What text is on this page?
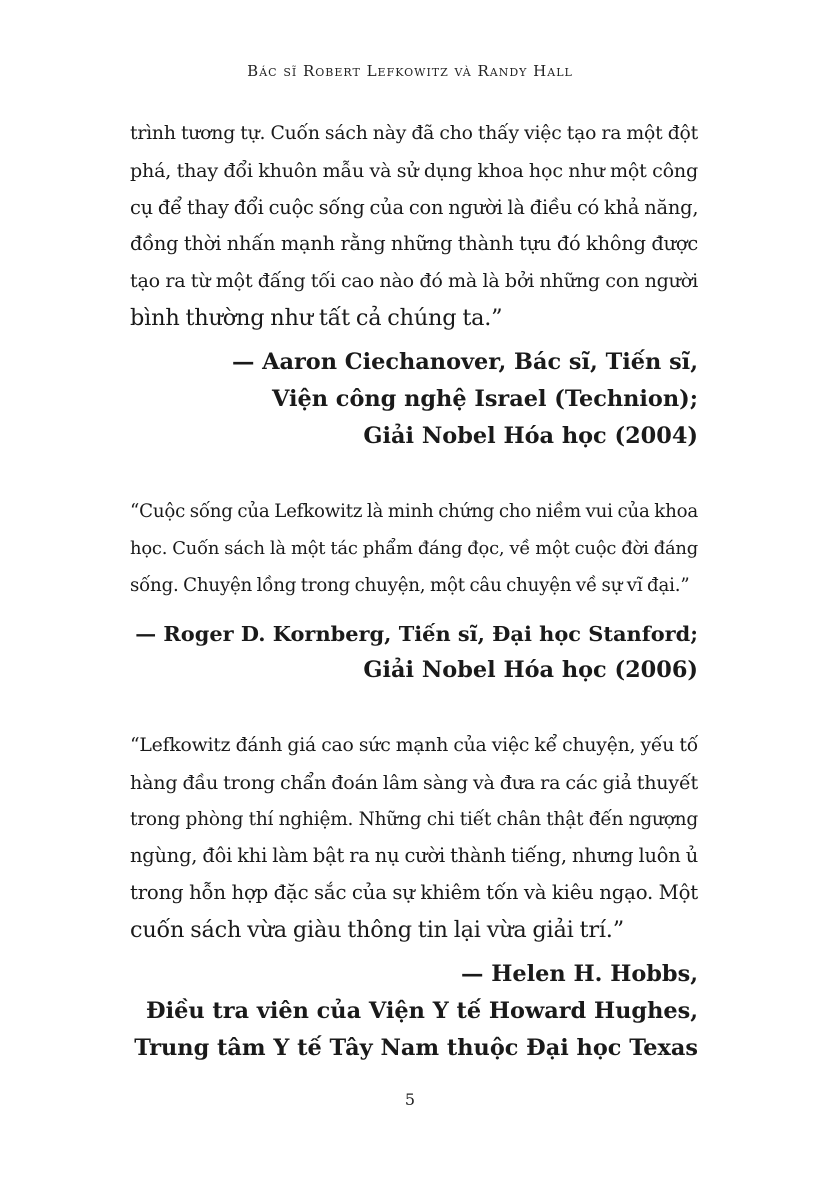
Bác sĩ Robert Lefkowitz và Randy Hall

trình tương tự. Cuốn sách này đã cho thấy việc tạo ra một đột
phá, thay đổi khuôn mẫu và sử dụng khoa học như một công
cụ để thay đổi cuộc sống của con người là điều có khả năng,
đồng thời nhấn mạnh rằng những thành tựu đó không được
tạo ra từ một đấng tối cao nào đó mà là bởi những con người
bình thường như tất cả chúng ta.”

— Aaron Ciechanover, Bác sĩ, Tiến sĩ,
Viện công nghệ Israel (Technion);
Giải Nobel Hóa học (2004)

“Cuộc sống của Lefkowitz là minh chứng cho niềm vui của khoa
học. Cuốn sách là một tác phẩm đáng đọc, về một cuộc đời đáng
sống. Chuyện lồng trong chuyện, một câu chuyện về sự vĩ đại.”

— Roger D. Kornberg, Tiến sĩ, Đại học Stanford;
Giải Nobel Hóa học (2006)

“Lefkowitz đánh giá cao sức mạnh của việc kể chuyện, yếu tố
hàng đầu trong chẩn đoán lâm sàng và đưa ra các giả thuyết
trong phòng thí nghiệm. Những chi tiết chân thật đến ngượng
ngùng, đôi khi làm bật ra nụ cười thành tiếng, nhưng luôn ủ
trong hỗn hợp đặc sắc của sự khiêm tốn và kiêu ngạo. Một
cuốn sách vừa giàu thông tin lại vừa giải trí.”

— Helen H. Hobbs,
Điều tra viên của Viện Y tế Howard Hughes,
Trung tâm Y tế Tây Nam thuộc Đại học Texas

5
